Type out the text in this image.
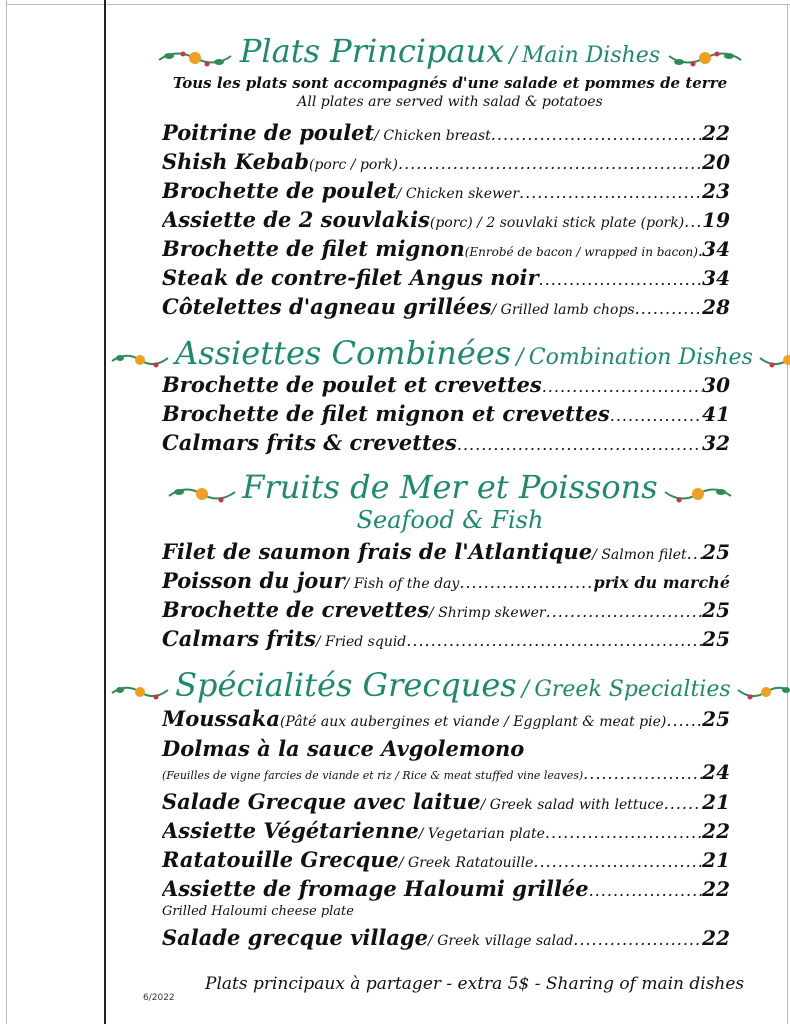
Plats Principaux / Main Dishes
Tous les plats sont accompagnés d'une salade et pommes de terre
All plates are served with salad & potatoes
Poitrine de poulet / Chicken breast .....	22
Shish Kebab (porc / pork) .....	20
Brochette de poulet / Chicken skewer .....	23
Assiette de 2 souvlakis (porc) / 2 souvlaki stick plate (pork) ..... 19
Brochette de filet mignon (Enrobé de bacon / wrapped in bacon) ..... 34
Steak de contre-filet Angus noir .....	34
Côtelettes d'agneau grillées / Grilled lamb chops .....	28
Assiettes Combinées / Combination Dishes
Brochette de poulet et crevettes .....	30
Brochette de filet mignon et crevettes .....	41
Calmars frits & crevettes .....	32
Fruits de Mer et Poissons
Seafood & Fish
Filet de saumon frais de l'Atlantique / Salmon filet ..... 25
Poisson du jour / Fish of the day .....	prix du marché
Brochette de crevettes / Shrimp skewer .....	25
Calmars frits / Fried squid .....	25
Spécialités Grecques / Greek Specialties
Moussaka (Pâté aux aubergines et viande / Eggplant & meat pie) ..... 25
Dolmas à la sauce Avgolemono
(Feuilles de vigne farcies de viande et riz / Rice & meat stuffed vine leaves) .....	24
Salade Grecque avec laitue / Greek salad with lettuce ..... 21
Assiette Végétarienne / Vegetarian plate .....	22
Ratatouille Grecque / Greek Ratatouille .....	21
Assiette de fromage Haloumi grillée .....	22
Grilled Haloumi cheese plate
Salade grecque village / Greek village salad .....	22
Plats principaux à partager - extra 5$ - Sharing of main dishes
6/2022
